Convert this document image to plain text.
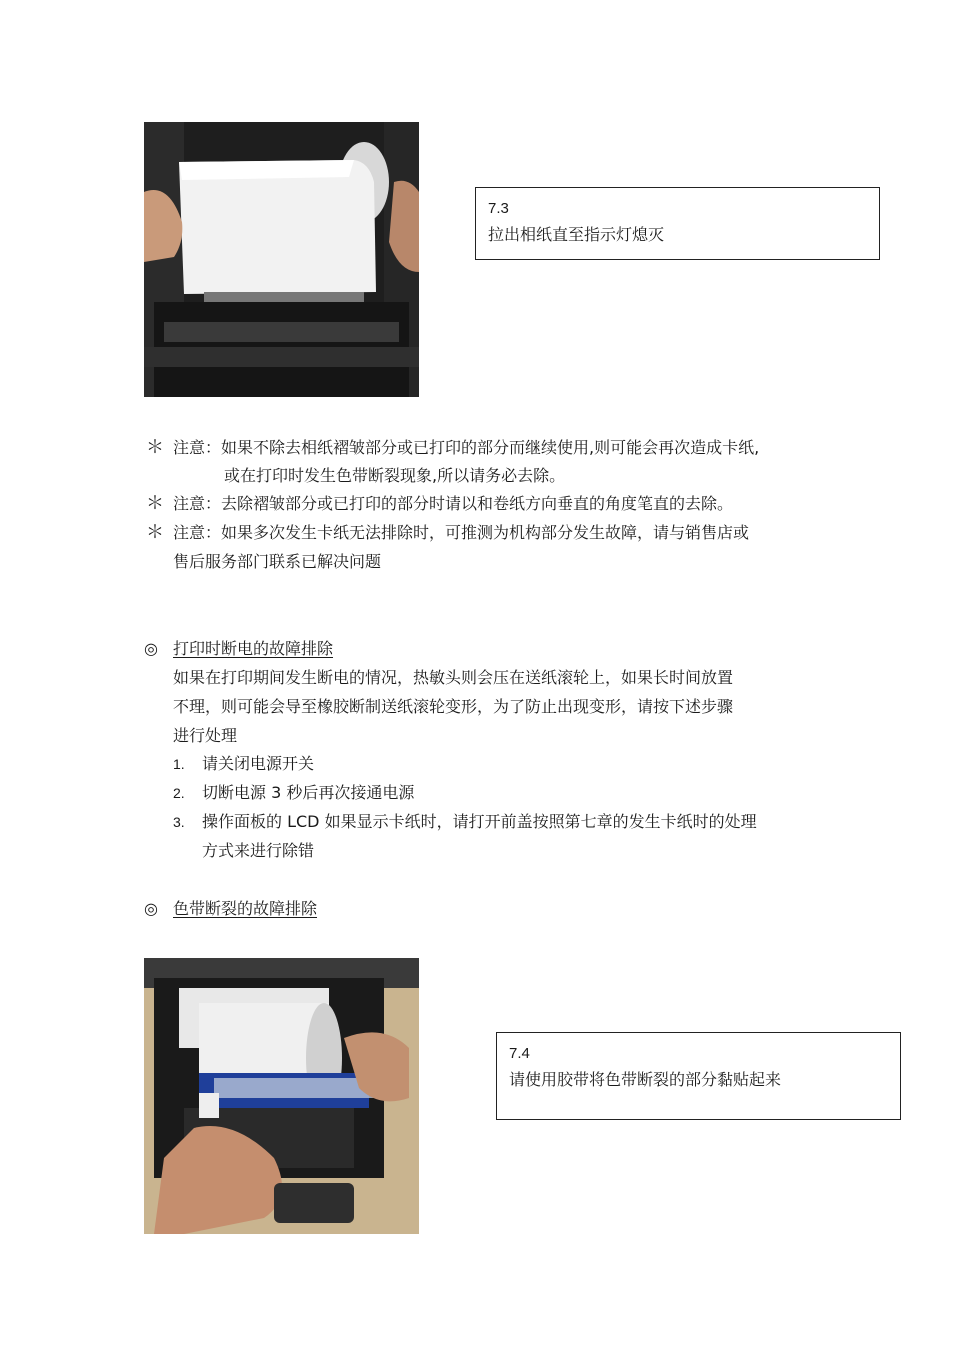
7.3
拉出相纸直至指示灯熄灭
＊ 注意：如果不除去相纸褶皱部分或已打印的部分而继续使用,则可能会再次造成卡纸,
或在打印时发生色带断裂现象,所以请务必去除。
＊ 注意：去除褶皱部分或已打印的部分时请以和卷纸方向垂直的角度笔直的去除。
＊ 注意：如果多次发生卡纸无法排除时，可推测为机构部分发生故障，请与销售店或
售后服务部门联系已解决问题
◎ 打印时断电的故障排除
如果在打印期间发生断电的情况，热敏头则会压在送纸滚轮上，如果长时间放置
不理，则可能会导至橡胶断制送纸滚轮变形，为了防止出现变形，请按下述步骤
进行处理
1. 请关闭电源开关
2. 切断电源 3 秒后再次接通电源
3. 操作面板的 LCD 如果显示卡纸时，请打开前盖按照第七章的发生卡纸时的处理
方式来进行除错
◎ 色带断裂的故障排除
7.4
请使用胶带将色带断裂的部分黏贴起来
